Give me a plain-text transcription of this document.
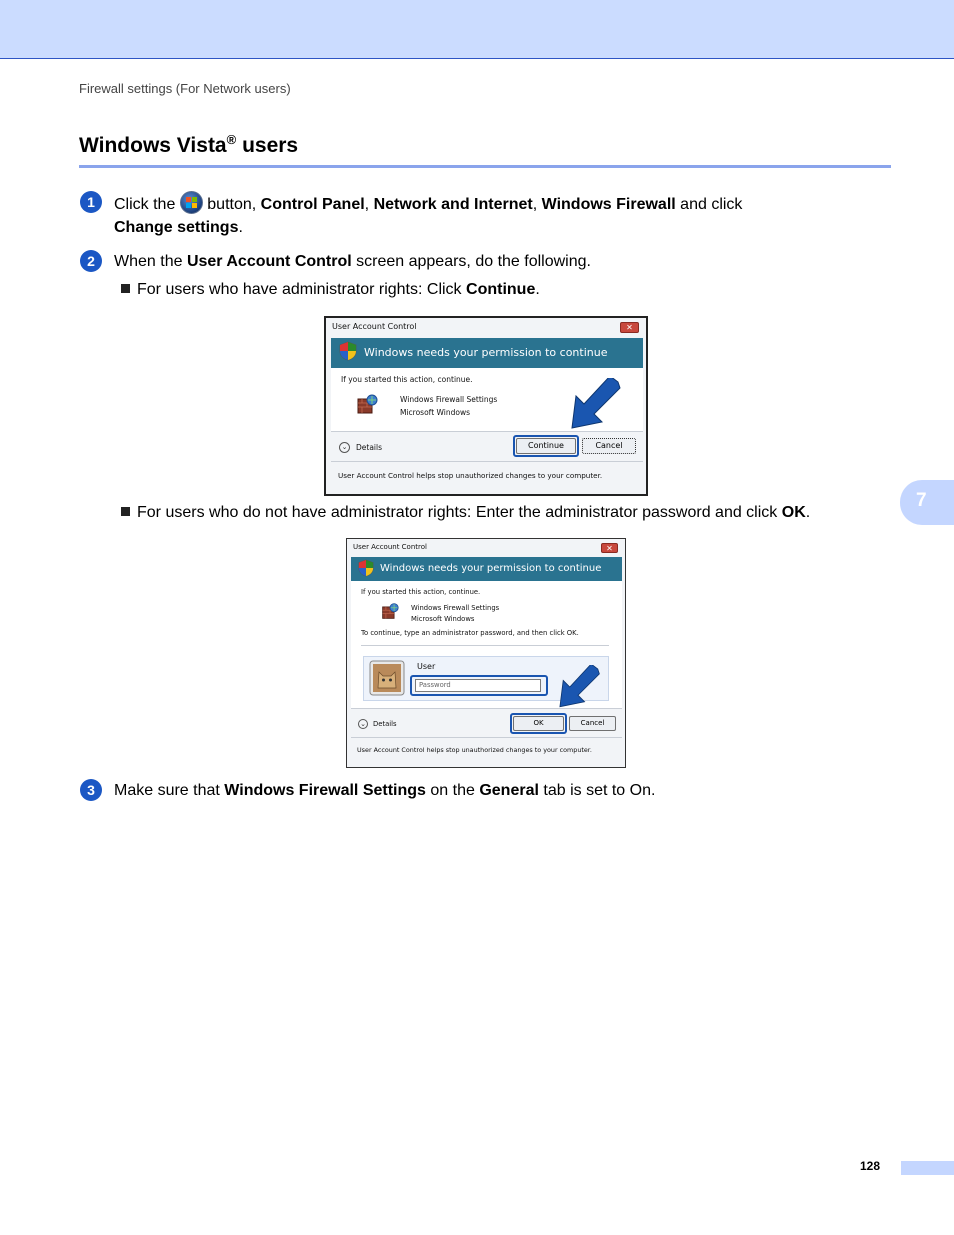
Firewall settings (For Network users)
Windows Vista® users
1	Click the button, Control Panel, Network and Internet, Windows Firewall and click
Change settings.
2	When the User Account Control screen appears, do the following.
For users who have administrator rights: Click Continue.
User Account Control	✕
Windows needs your permission to continue
If you started this action, continue.
Windows Firewall Settings
Microsoft Windows
⌄	Details	Continue	Cancel
User Account Control helps stop unauthorized changes to your computer.
For users who do not have administrator rights: Enter the administrator password and click OK.
User Account Control	✕
Windows needs your permission to continue
If you started this action, continue.
Windows Firewall Settings
Microsoft Windows
To continue, type an administrator password, and then click OK.
User
Password
⌄	Details	OK	Cancel
User Account Control helps stop unauthorized changes to your computer.
3	Make sure that Windows Firewall Settings on the General tab is set to On.
7
128
